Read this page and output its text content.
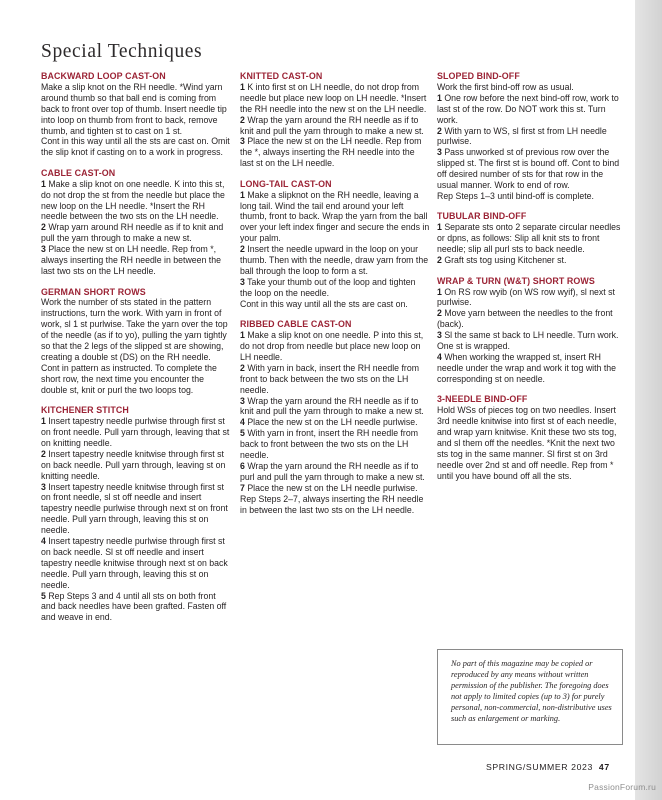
Special Techniques
BACKWARD LOOP CAST-ON

Make a slip knot on the RH needle. *Wind yarn around thumb so that ball end is coming from back to front over top of thumb. Insert needle tip into loop on thumb from front to back, remove thumb, and tighten st to cast on 1 st.

Cont in this way until all the sts are cast on. Omit the slip knot if casting on to a work in progress.

CABLE CAST-ON

1 Make a slip knot on one needle. K into this st, do not drop the st from the needle but place the new loop on the LH needle. *Insert the RH needle between the two sts on the LH needle.

2 Wrap yarn around RH needle as if to knit and pull the yarn through to make a new st.

3 Place the new st on LH needle. Rep from *, always inserting the RH needle in between the last two sts on the LH needle.

GERMAN SHORT ROWS

Work the number of sts stated in the pattern instructions, turn the work. With yarn in front of work, sl 1 st purlwise. Take the yarn over the top of the needle (as if to yo), pulling the yarn tightly so that the 2 legs of the slipped st are showing, creating a double st (DS) on the RH needle. Cont in pattern as instructed. To complete the short row, the next time you encounter the double st, knit or purl the two loops tog.

KITCHENER STITCH

1 Insert tapestry needle purlwise through first st on front needle. Pull yarn through, leaving that st on knitting needle.

2 Insert tapestry needle knitwise through first st on back needle. Pull yarn through, leaving st on knitting needle.

3 Insert tapestry needle knitwise through first st on front needle, sl st off needle and insert tapestry needle purlwise through next st on front needle. Pull yarn through, leaving this st on needle.

4 Insert tapestry needle purlwise through first st on back needle. Sl st off needle and insert tapestry needle knitwise through next st on back needle. Pull yarn through, leaving this st on needle.

5 Rep Steps 3 and 4 until all sts on both front and back needles have been grafted. Fasten off and weave in end.

KNITTED CAST-ON

1 K into first st on LH needle, do not drop from needle but place new loop on LH needle. *Insert the RH needle into the new st on the LH needle.

2 Wrap the yarn around the RH needle as if to knit and pull the yarn through to make a new st.

3 Place the new st on the LH needle. Rep from the *, always inserting the RH needle into the last st on the LH needle.

LONG-TAIL CAST-ON

1 Make a slipknot on the RH needle, leaving a long tail. Wind the tail end around your left thumb, front to back. Wrap the yarn from the ball over your left index finger and secure the ends in your palm.

2 Insert the needle upward in the loop on your thumb. Then with the needle, draw yarn from the ball through the loop to form a st.

3 Take your thumb out of the loop and tighten the loop on the needle.

Cont in this way until all the sts are cast on.

RIBBED CABLE CAST-ON

1 Make a slip knot on one needle. P into this st, do not drop from needle but place new loop on LH needle.

2 With yarn in back, insert the RH needle from front to back between the two sts on the LH needle.

3 Wrap the yarn around the RH needle as if to knit and pull the yarn through to make a new st.

4 Place the new st on the LH needle purlwise.

5 With yarn in front, insert the RH needle from back to front between the two sts on the LH needle.

6 Wrap the yarn around the RH needle as if to purl and pull the yarn through to make a new st.

7 Place the new st on the LH needle purlwise.

Rep Steps 2–7, always inserting the RH needle in between the last two sts on the LH needle.

SLOPED BIND-OFF

Work the first bind-off row as usual.

1 One row before the next bind-off row, work to last st of the row. Do NOT work this st. Turn work.

2 With yarn to WS, sl first st from LH needle purlwise.

3 Pass unworked st of previous row over the slipped st. The first st is bound off. Cont to bind off desired number of sts for that row in the usual manner. Work to end of row.

Rep Steps 1–3 until bind-off is complete.

TUBULAR BIND-OFF

1 Separate sts onto 2 separate circular needles or dpns, as follows: Slip all knit sts to front needle; slip all purl sts to back needle.

2 Graft sts tog using Kitchener st.

WRAP & TURN (W&T) SHORT ROWS

1 On RS row wyib (on WS row wyif), sl next st purlwise.

2 Move yarn between the needles to the front (back).

3 Sl the same st back to LH needle. Turn work. One st is wrapped.

4 When working the wrapped st, insert RH needle under the wrap and work it tog with the corresponding st on needle.

3-NEEDLE BIND-OFF

Hold WSs of pieces tog on two needles. Insert 3rd needle knitwise into first st of each needle, and wrap yarn knitwise. Knit these two sts tog, and sl them off the needles. *Knit the next two sts tog in the same manner. Sl first st on 3rd needle over 2nd st and off needle. Rep from * until you have bound off all the sts.

No part of this magazine may be copied or reproduced by any means without written permission of the publisher. The foregoing does not apply to limited copies (up to 3) for purely personal, non-commercial, non-distributive uses such as enlargement or marking.
SPRING/SUMMER 2023 47
PassionForum.ru
